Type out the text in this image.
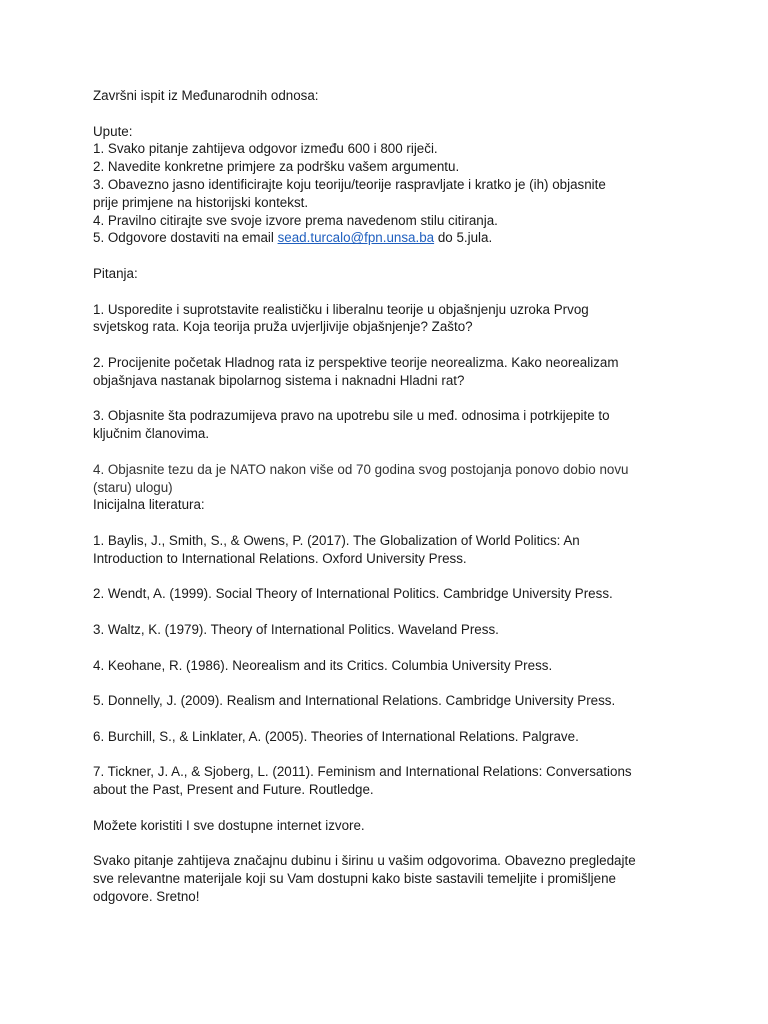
Završni ispit iz Međunarodnih odnosa:

Upute:

1. Svako pitanje zahtijeva odgovor između 600 i 800 riječi.

2. Navedite konkretne primjere za podršku vašem argumentu.

3. Obavezno jasno identificirajte koju teoriju/teorije raspravljate i kratko je (ih) objasnite

prije primjene na historijski kontekst.

4. Pravilno citirajte sve svoje izvore prema navedenom stilu citiranja.

5. Odgovore dostaviti na email sead.turcalo@fpn.unsa.ba do 5.jula.

Pitanja:

1. Usporedite i suprotstavite realističku i liberalnu teorije u objašnjenju uzroka Prvog

svjetskog rata. Koja teorija pruža uvjerljivije objašnjenje? Zašto?

2. Procijenite početak Hladnog rata iz perspektive teorije neorealizma. Kako neorealizam

objašnjava nastanak bipolarnog sistema i naknadni Hladni rat?

3. Objasnite šta podrazumijeva pravo na upotrebu sile u međ. odnosima i potrkijepite to

ključnim članovima.

4. Objasnite tezu da je NATO nakon više od 70 godina svog postojanja ponovo dobio novu

(staru) ulogu)

Inicijalna literatura:

1. Baylis, J., Smith, S., & Owens, P. (2017). The Globalization of World Politics: An

Introduction to International Relations. Oxford University Press.

2. Wendt, A. (1999). Social Theory of International Politics. Cambridge University Press.

3. Waltz, K. (1979). Theory of International Politics. Waveland Press.

4. Keohane, R. (1986). Neorealism and its Critics. Columbia University Press.

5. Donnelly, J. (2009). Realism and International Relations. Cambridge University Press.

6. Burchill, S., & Linklater, A. (2005). Theories of International Relations. Palgrave.

7. Tickner, J. A., & Sjoberg, L. (2011). Feminism and International Relations: Conversations

about the Past, Present and Future. Routledge.

Možete koristiti I sve dostupne internet izvore.

Svako pitanje zahtijeva značajnu dubinu i širinu u vašim odgovorima. Obavezno pregledajte

sve relevantne materijale koji su Vam dostupni kako biste sastavili temeljite i promišljene

odgovore. Sretno!
